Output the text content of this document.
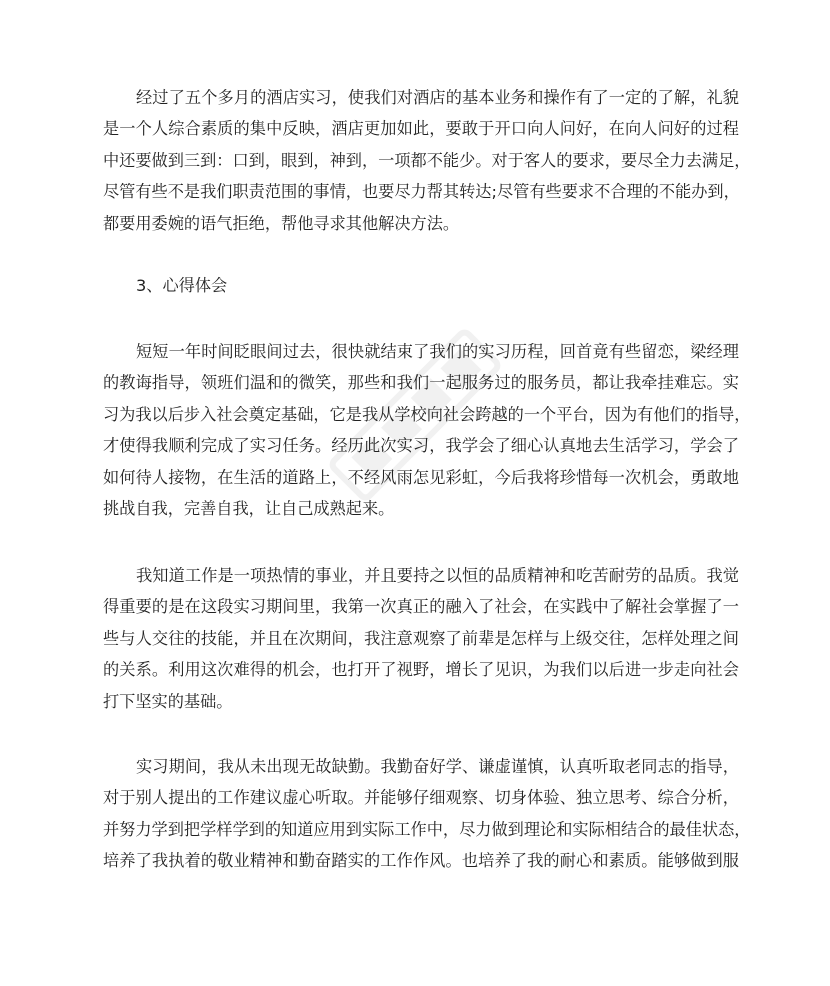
经过了五个多月的酒店实习，使我们对酒店的基本业务和操作有了一定的了解，礼貌
是一个人综合素质的集中反映，酒店更加如此，要敢于开口向人问好，在向人问好的过程
中还要做到三到：口到，眼到，神到，一项都不能少。对于客人的要求，要尽全力去满足，
尽管有些不是我们职责范围的事情，也要尽力帮其转达;尽管有些要求不合理的不能办到，
都要用委婉的语气拒绝，帮他寻求其他解决方法。
3、心得体会
短短一年时间眨眼间过去，很快就结束了我们的实习历程，回首竟有些留恋，梁经理
的教诲指导，领班们温和的微笑，那些和我们一起服务过的服务员，都让我牵挂难忘。实
习为我以后步入社会奠定基础，它是我从学校向社会跨越的一个平台，因为有他们的指导，
才使得我顺利完成了实习任务。经历此次实习，我学会了细心认真地去生活学习，学会了
如何待人接物，在生活的道路上，不经风雨怎见彩虹，今后我将珍惜每一次机会，勇敢地
挑战自我，完善自我，让自己成熟起来。
我知道工作是一项热情的事业，并且要持之以恒的品质精神和吃苦耐劳的品质。我觉
得重要的是在这段实习期间里，我第一次真正的融入了社会，在实践中了解社会掌握了一
些与人交往的技能，并且在次期间，我注意观察了前辈是怎样与上级交往，怎样处理之间
的关系。利用这次难得的机会，也打开了视野，增长了见识，为我们以后进一步走向社会
打下坚实的基础。
实习期间，我从未出现无故缺勤。我勤奋好学、谦虚谨慎，认真听取老同志的指导，
对于别人提出的工作建议虚心听取。并能够仔细观察、切身体验、独立思考、综合分析，
并努力学到把学样学到的知道应用到实际工作中，尽力做到理论和实际相结合的最佳状态，
培养了我执着的敬业精神和勤奋踏实的工作作风。也培养了我的耐心和素质。能够做到服
